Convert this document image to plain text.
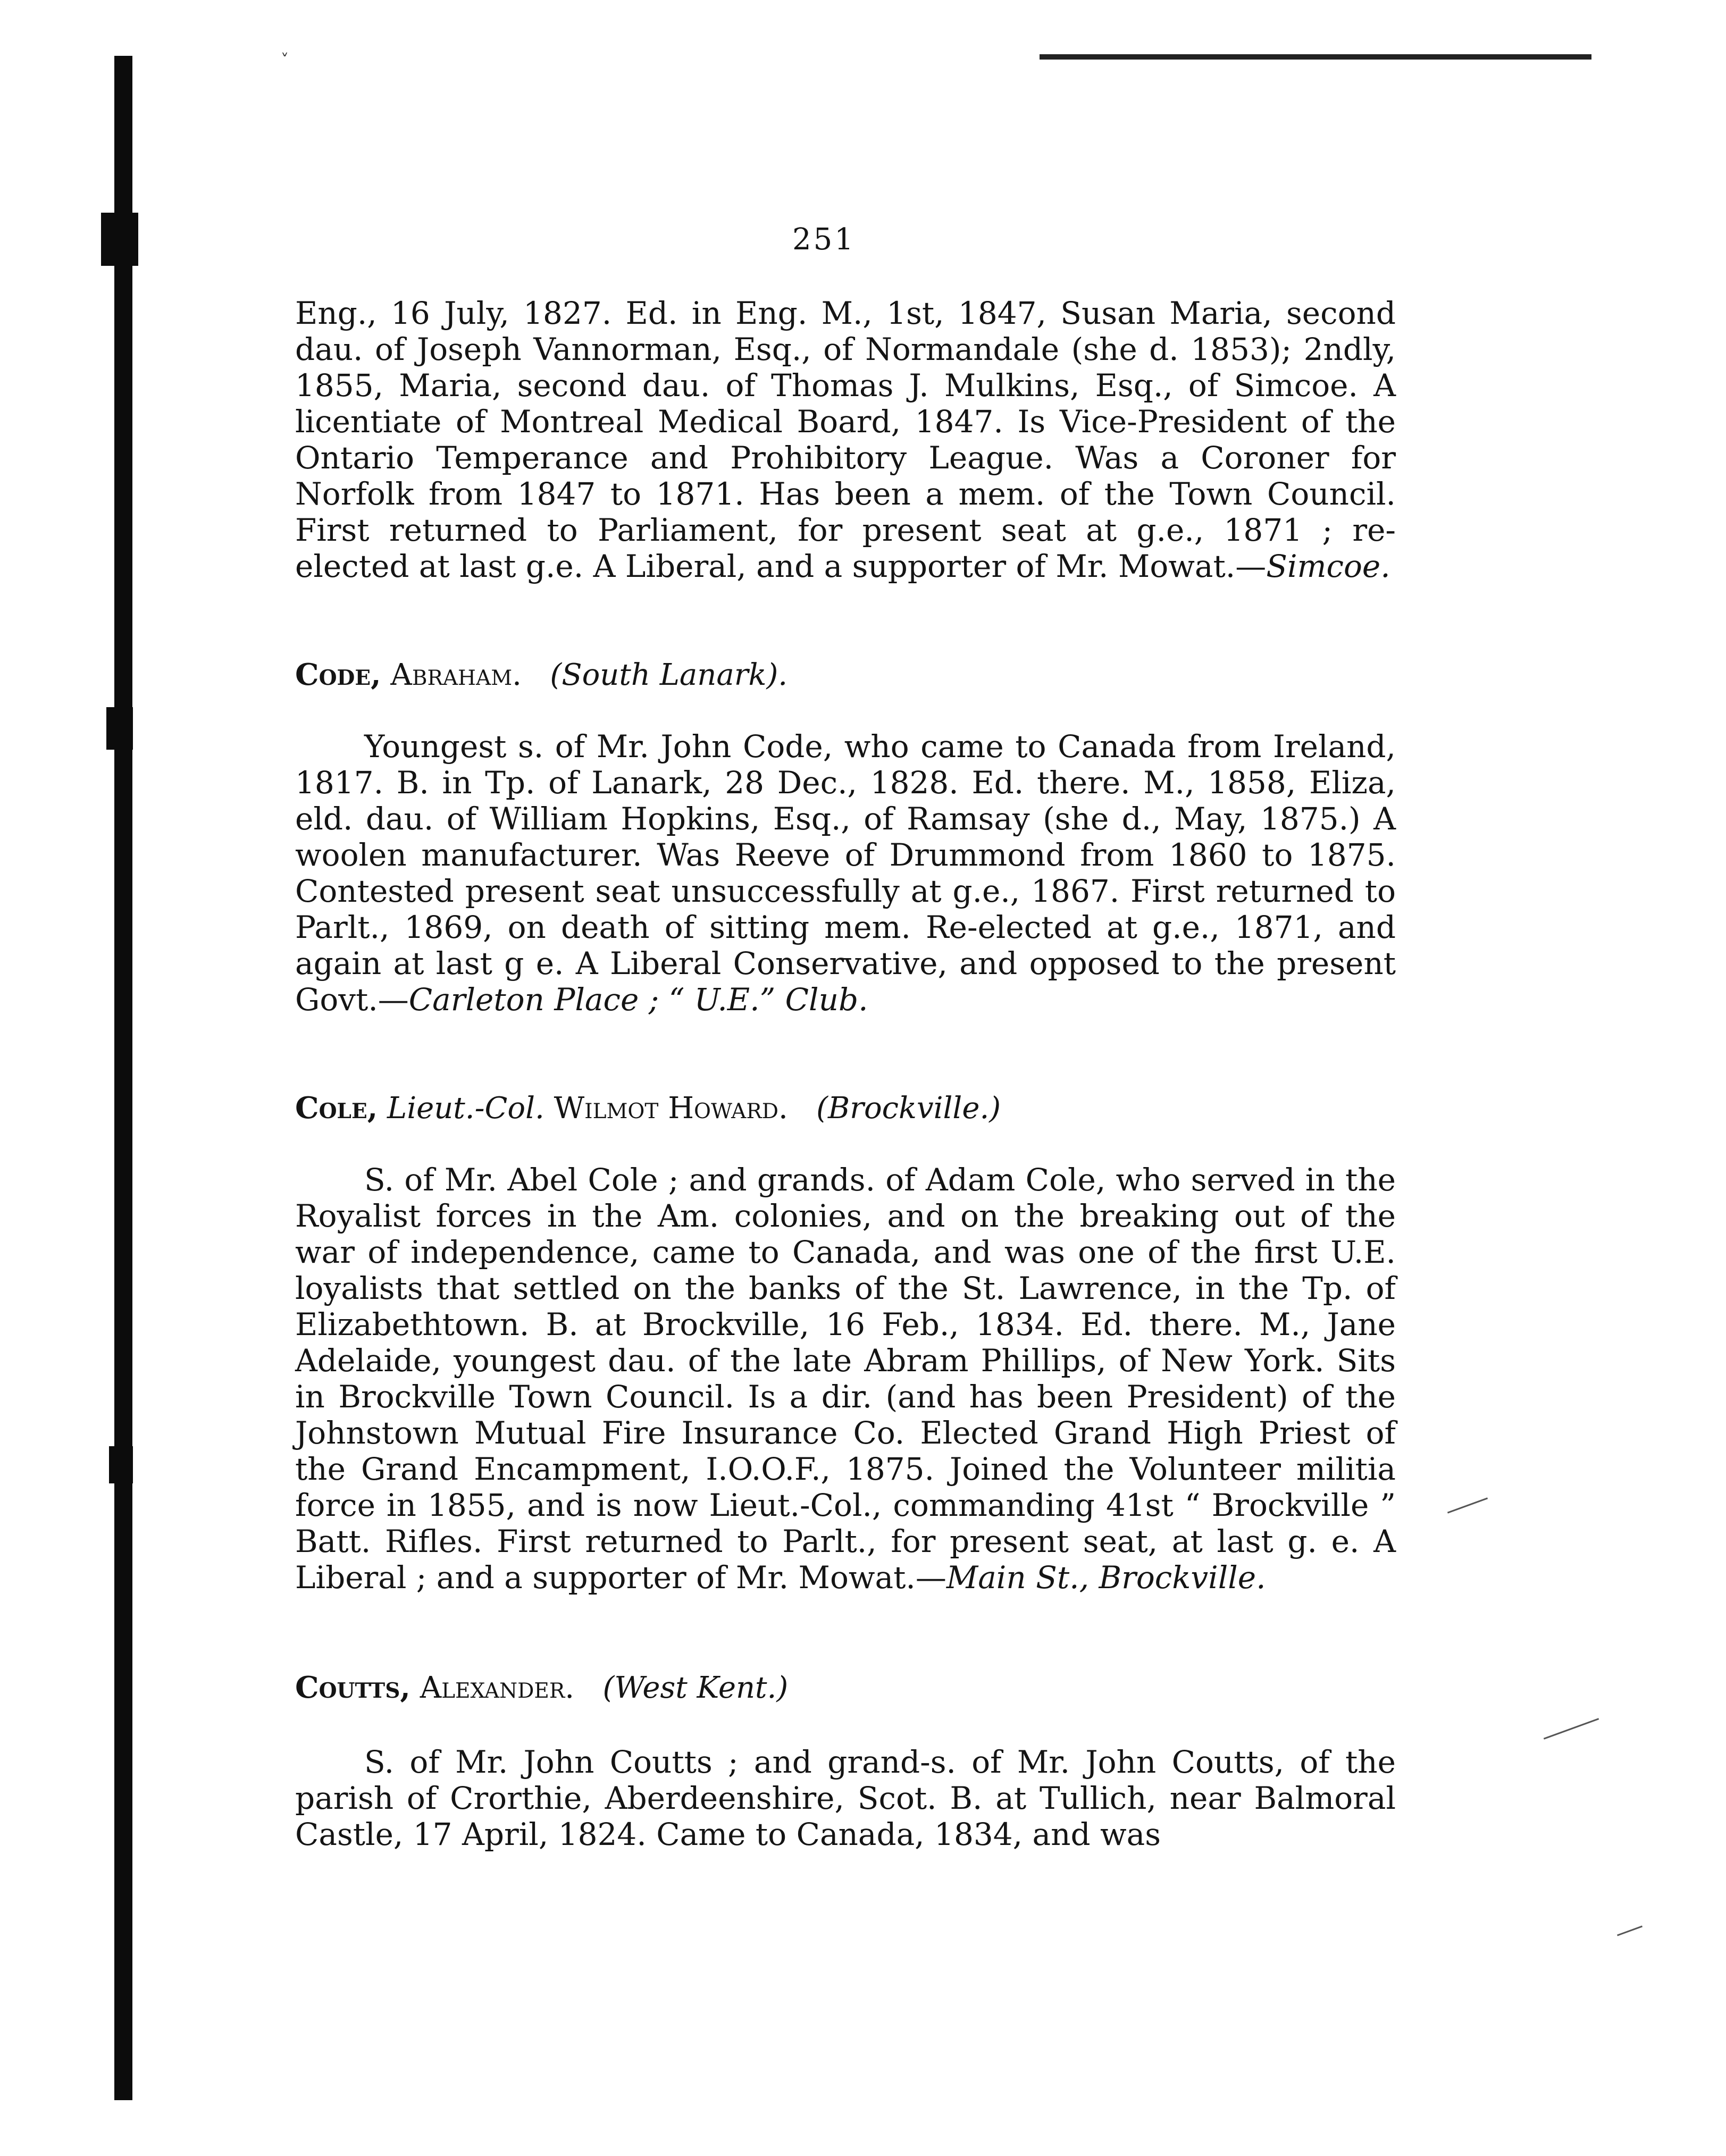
˅
251
Eng., 16 July, 1827. Ed. in Eng. M., 1st, 1847, Susan Maria, second dau. of Joseph Vannorman, Esq., of Normandale (she d. 1853); 2ndly, 1855, Maria, second dau. of Thomas J. Mulkins, Esq., of Simcoe. A licentiate of Montreal Medical Board, 1847. Is Vice-President of the Ontario Temperance and Prohibitory League. Was a Coroner for Norfolk from 1847 to 1871. Has been a mem. of the Town Council. First returned to Parliament, for present seat at g.e., 1871 ; re-elected at last g.e. A Liberal, and a supporter of Mr. Mowat.—Simcoe.
Code, Abraham. (South Lanark).

Youngest s. of Mr. John Code, who came to Canada from Ireland, 1817. B. in Tp. of Lanark, 28 Dec., 1828. Ed. there. M., 1858, Eliza, eld. dau. of William Hopkins, Esq., of Ramsay (she d., May, 1875.) A woolen manufacturer. Was Reeve of Drummond from 1860 to 1875. Contested present seat unsuccessfully at g.e., 1867. First returned to Parlt., 1869, on death of sitting mem. Re-elected at g.e., 1871, and again at last g e. A Liberal Conservative, and opposed to the present Govt.—Carleton Place ; “ U.E.” Club.

Cole, Lieut.-Col. Wilmot Howard. (Brockville.)

S. of Mr. Abel Cole ; and grands. of Adam Cole, who served in the Royalist forces in the Am. colonies, and on the breaking out of the war of independence, came to Canada, and was one of the first U.E. loyalists that settled on the banks of the St. Lawrence, in the Tp. of Elizabethtown. B. at Brockville, 16 Feb., 1834. Ed. there. M., Jane Adelaide, youngest dau. of the late Abram Phillips, of New York. Sits in Brockville Town Council. Is a dir. (and has been President) of the Johnstown Mutual Fire Insurance Co. Elected Grand High Priest of the Grand Encampment, I.O.O.F., 1875. Joined the Volunteer militia force in 1855, and is now Lieut.-Col., commanding 41st “ Brockville ” Batt. Rifles. First returned to Parlt., for present seat, at last g. e. A Liberal ; and a supporter of Mr. Mowat.—Main St., Brockville.

Coutts, Alexander. (West Kent.)

S. of Mr. John Coutts ; and grand-s. of Mr. John Coutts, of the parish of Crorthie, Aberdeenshire, Scot. B. at Tullich, near Balmoral Castle, 17 April, 1824. Came to Canada, 1834, and was
